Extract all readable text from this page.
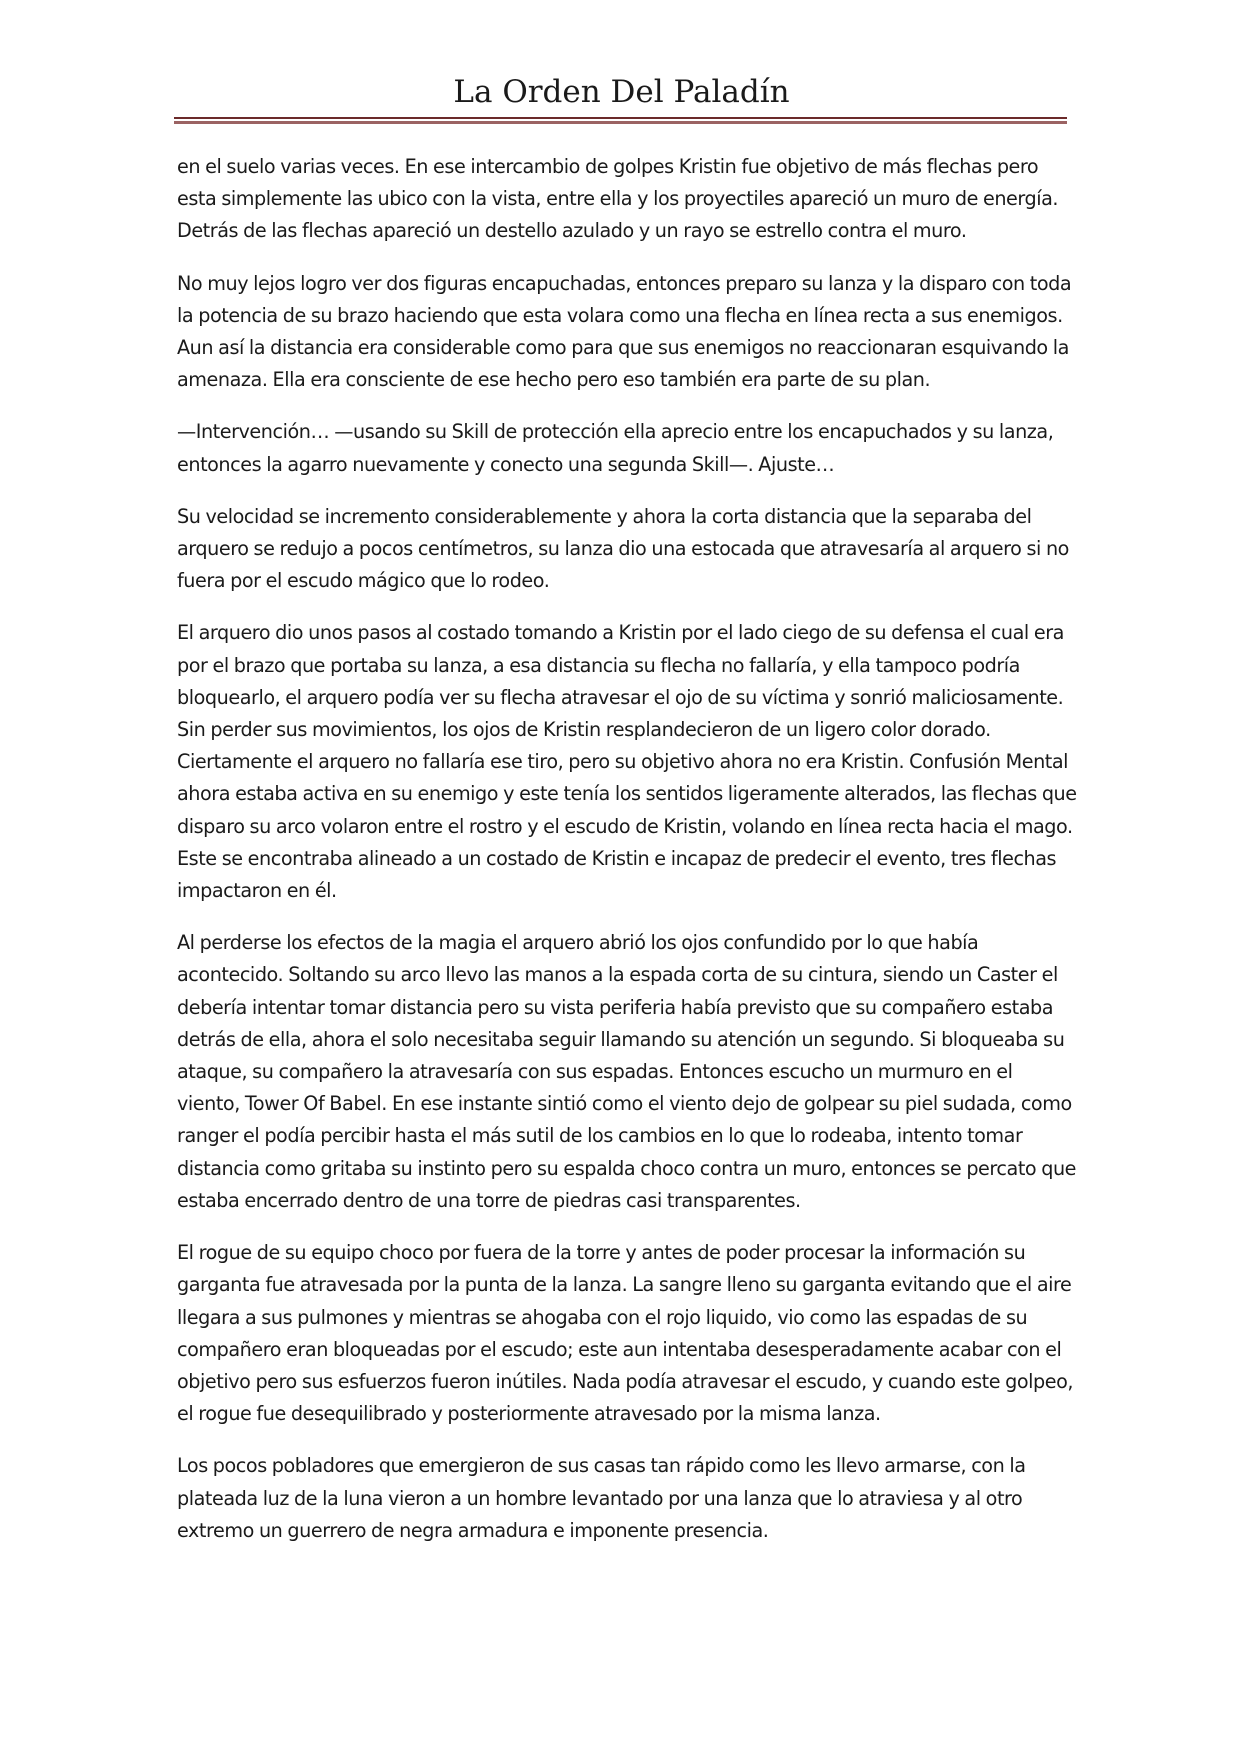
La Orden Del Paladín

en el suelo varias veces. En ese intercambio de golpes Kristin fue objetivo de más flechas pero esta simplemente las ubico con la vista, entre ella y los proyectiles apareció un muro de energía. Detrás de las flechas apareció un destello azulado y un rayo se estrello contra el muro.

No muy lejos logro ver dos figuras encapuchadas, entonces preparo su lanza y la disparo con toda la potencia de su brazo haciendo que esta volara como una flecha en línea recta a sus enemigos. Aun así la distancia era considerable como para que sus enemigos no reaccionaran esquivando la amenaza. Ella era consciente de ese hecho pero eso también era parte de su plan.

—Intervención… —usando su Skill de protección ella aprecio entre los encapuchados y su lanza, entonces la agarro nuevamente y conecto una segunda Skill—. Ajuste…

Su velocidad se incremento considerablemente y ahora la corta distancia que la separaba del arquero se redujo a pocos centímetros, su lanza dio una estocada que atravesaría al arquero si no fuera por el escudo mágico que lo rodeo.

El arquero dio unos pasos al costado tomando a Kristin por el lado ciego de su defensa el cual era por el brazo que portaba su lanza, a esa distancia su flecha no fallaría, y ella tampoco podría bloquearlo, el arquero podía ver su flecha atravesar el ojo de su víctima y sonrió maliciosamente. Sin perder sus movimientos, los ojos de Kristin resplandecieron de un ligero color dorado. Ciertamente el arquero no fallaría ese tiro, pero su objetivo ahora no era Kristin. Confusión Mental ahora estaba activa en su enemigo y este tenía los sentidos ligeramente alterados, las flechas que disparo su arco volaron entre el rostro y el escudo de Kristin, volando en línea recta hacia el mago. Este se encontraba alineado a un costado de Kristin e incapaz de predecir el evento, tres flechas impactaron en él.

Al perderse los efectos de la magia el arquero abrió los ojos confundido por lo que había acontecido. Soltando su arco llevo las manos a la espada corta de su cintura, siendo un Caster el debería intentar tomar distancia pero su vista periferia había previsto que su compañero estaba detrás de ella, ahora el solo necesitaba seguir llamando su atención un segundo. Si bloqueaba su ataque, su compañero la atravesaría con sus espadas. Entonces escucho un murmuro en el viento, Tower Of Babel. En ese instante sintió como el viento dejo de golpear su piel sudada, como ranger el podía percibir hasta el más sutil de los cambios en lo que lo rodeaba, intento tomar distancia como gritaba su instinto pero su espalda choco contra un muro, entonces se percato que estaba encerrado dentro de una torre de piedras casi transparentes.

El rogue de su equipo choco por fuera de la torre y antes de poder procesar la información su garganta fue atravesada por la punta de la lanza. La sangre lleno su garganta evitando que el aire llegara a sus pulmones y mientras se ahogaba con el rojo liquido, vio como las espadas de su compañero eran bloqueadas por el escudo; este aun intentaba desesperadamente acabar con el objetivo pero sus esfuerzos fueron inútiles. Nada podía atravesar el escudo, y cuando este golpeo, el rogue fue desequilibrado y posteriormente atravesado por la misma lanza.

Los pocos pobladores que emergieron de sus casas tan rápido como les llevo armarse, con la plateada luz de la luna vieron a un hombre levantado por una lanza que lo atraviesa y al otro extremo un guerrero de negra armadura e imponente presencia.
